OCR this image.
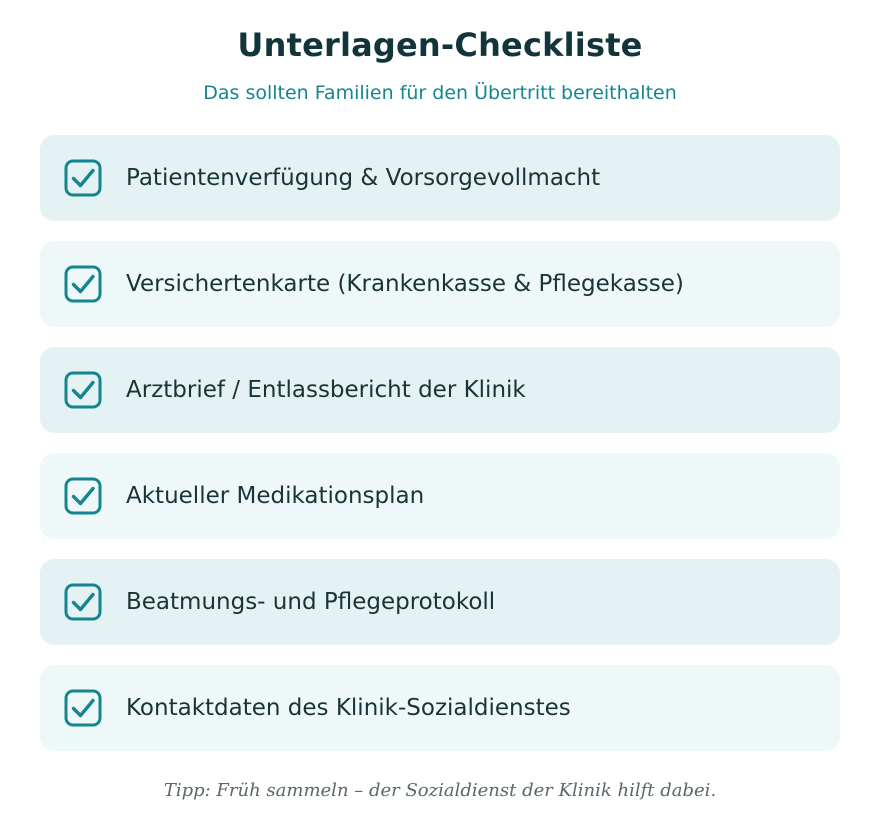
Unterlagen-Checkliste
Das sollten Familien für den Übertritt bereithalten
Patientenverfügung & Vorsorgevollmacht
Versichertenkarte (Krankenkasse & Pflegekasse)
Arztbrief / Entlassbericht der Klinik
Aktueller Medikationsplan
Beatmungs- und Pflegeprotokoll
Kontaktdaten des Klinik-Sozialdienstes
Tipp: Früh sammeln – der Sozialdienst der Klinik hilft dabei.
